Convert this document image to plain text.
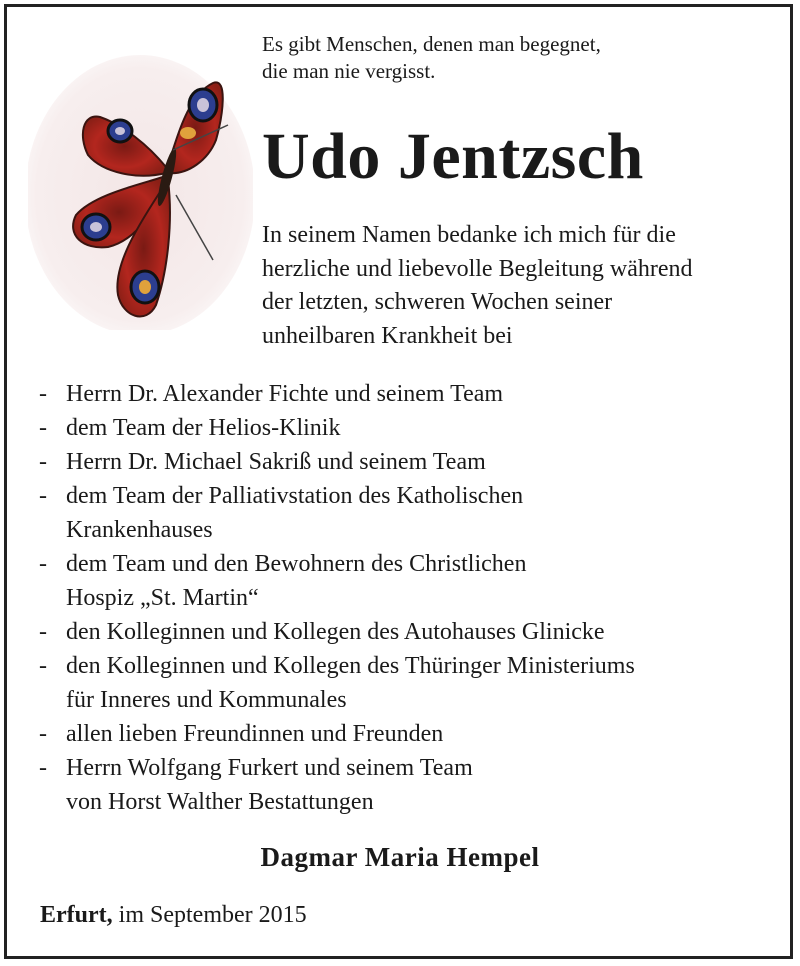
Es gibt Menschen, denen man begegnet,
die man nie vergisst.
Udo Jentzsch
In seinem Namen bedanke ich mich für die
herzliche und liebevolle Begleitung während
der letzten, schweren Wochen seiner
unheilbaren Krankheit bei
- Herrn Dr. Alexander Fichte und seinem Team
- dem Team der Helios-Klinik
- Herrn Dr. Michael Sakriß und seinem Team
- dem Team der Palliativstation des Katholischen
Krankenhauses
- dem Team und den Bewohnern des Christlichen
Hospiz „St. Martin“
- den Kolleginnen und Kollegen des Autohauses Glinicke
- den Kolleginnen und Kollegen des Thüringer Ministeriums
für Inneres und Kommunales
- allen lieben Freundinnen und Freunden
- Herrn Wolfgang Furkert und seinem Team
von Horst Walther Bestattungen
Dagmar Maria Hempel
Erfurt, im September 2015
